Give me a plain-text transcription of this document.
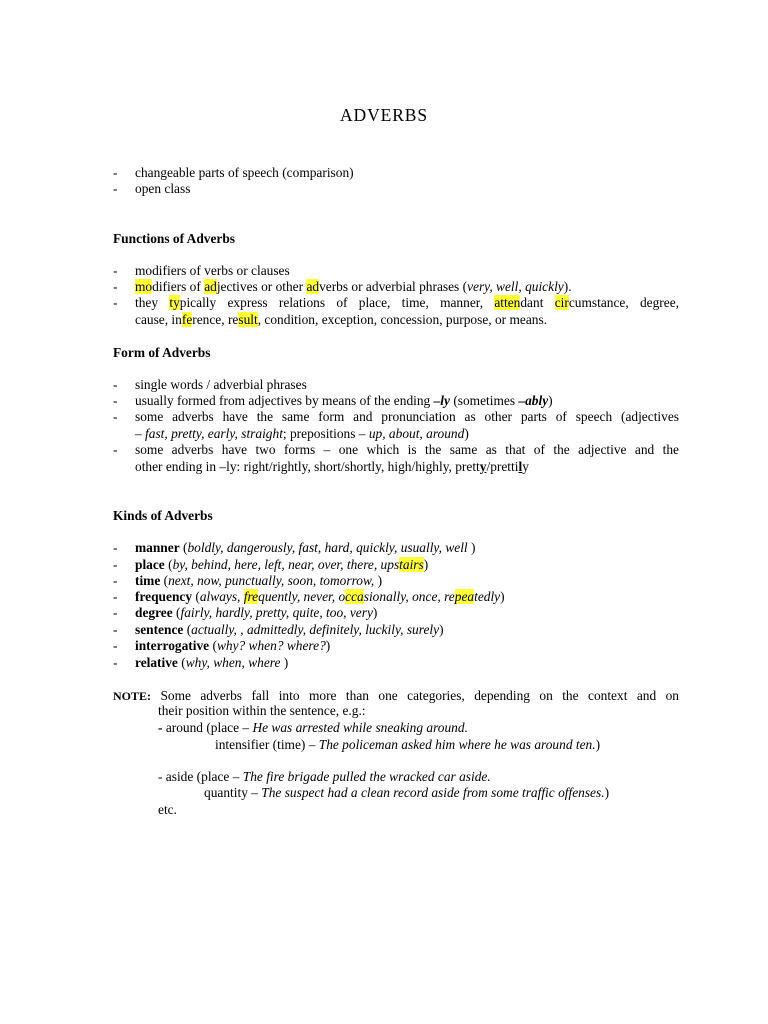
ADVERBS
- changeable parts of speech (comparison)
- open class
Functions of Adverbs
- modifiers of verbs or clauses
- modifiers of adjectives or other adverbs or adverbial phrases (very, well, quickly).
- they typically express relations of place, time, manner, attendant circumstance, degree,
cause, inference, result, condition, exception, concession, purpose, or means.
Form of Adverbs
- single words / adverbial phrases
- usually formed from adjectives by means of the ending –ly (sometimes –ably)
- some adverbs have the same form and pronunciation as other parts of speech (adjectives
– fast, pretty, early, straight; prepositions – up, about, around)
- some adverbs have two forms – one which is the same as that of the adjective and the
other ending in –ly: right/rightly, short/shortly, high/highly, pretty/prettily
Kinds of Adverbs
- manner (boldly, dangerously, fast, hard, quickly, usually, well )
- place (by, behind, here, left, near, over, there, upstairs)
- time (next, now, punctually, soon, tomorrow, )
- frequency (always, frequently, never, occasionally, once, repeatedly)
- degree (fairly, hardly, pretty, quite, too, very)
- sentence (actually, , admittedly, definitely, luckily, surely)
- interrogative (why? when? where?)
- relative (why, when, where )
NOTE: Some adverbs fall into more than one categories, depending on the context and on
their position within the sentence, e.g.:
- around (place – He was arrested while sneaking around.
intensifier (time) – The policeman asked him where he was around ten.)
- aside (place – The fire brigade pulled the wracked car aside.
quantity – The suspect had a clean record aside from some traffic offenses.)
etc.
